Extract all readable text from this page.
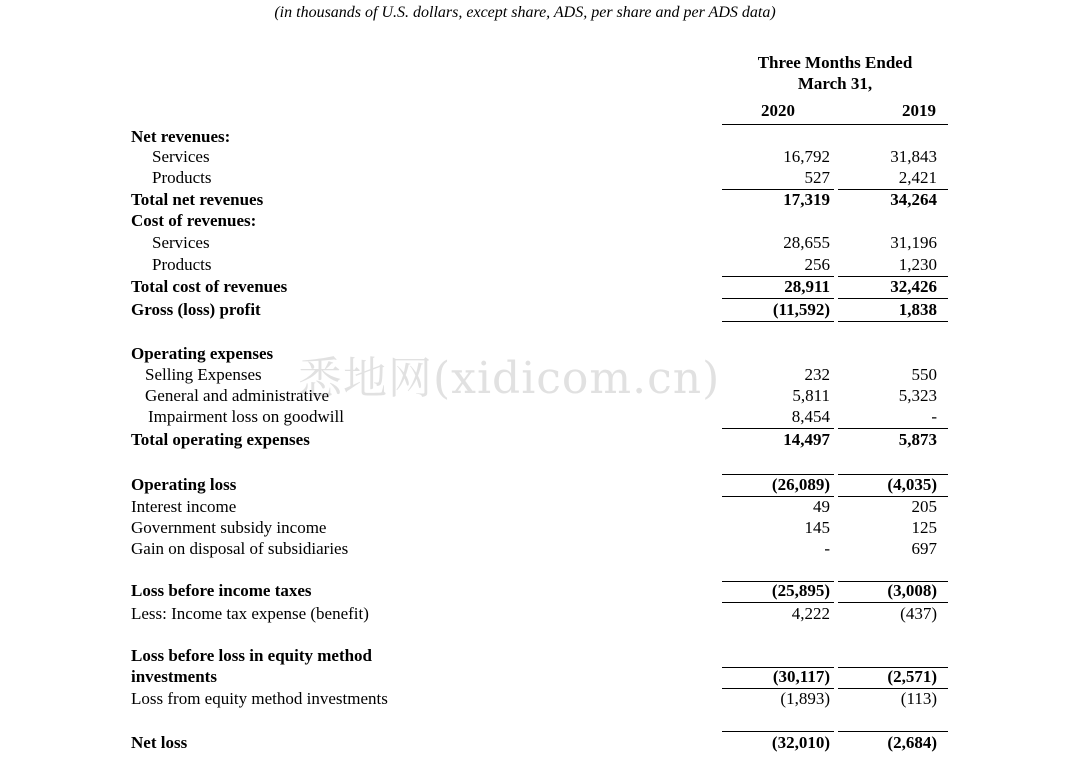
(in thousands of U.S. dollars, except share, ADS, per share and per ADS data)
Three Months Ended
March 31,
2020	2019
Net revenues:
Services	16,792	31,843
Products	527	2,421
Total net revenues	17,319	34,264
Cost of revenues:
Services	28,655	31,196
Products	256	1,230
Total cost of revenues	28,911	32,426
Gross (loss) profit	(11,592)	1,838
Operating expenses
Selling Expenses	232	550
General and administrative	5,811	5,323
Impairment loss on goodwill	8,454	-
Total operating expenses	14,497	5,873
Operating loss	(26,089)	(4,035)
Interest income	49	205
Government subsidy income	145	125
Gain on disposal of subsidiaries	-	697
Loss before income taxes	(25,895)	(3,008)
Less: Income tax expense (benefit)	4,222	(437)
Loss before loss in equity method
investments	(30,117)	(2,571)
Loss from equity method investments	(1,893)	(113)
Net loss	(32,010)	(2,684)
悉地网(xidicom.cn)
